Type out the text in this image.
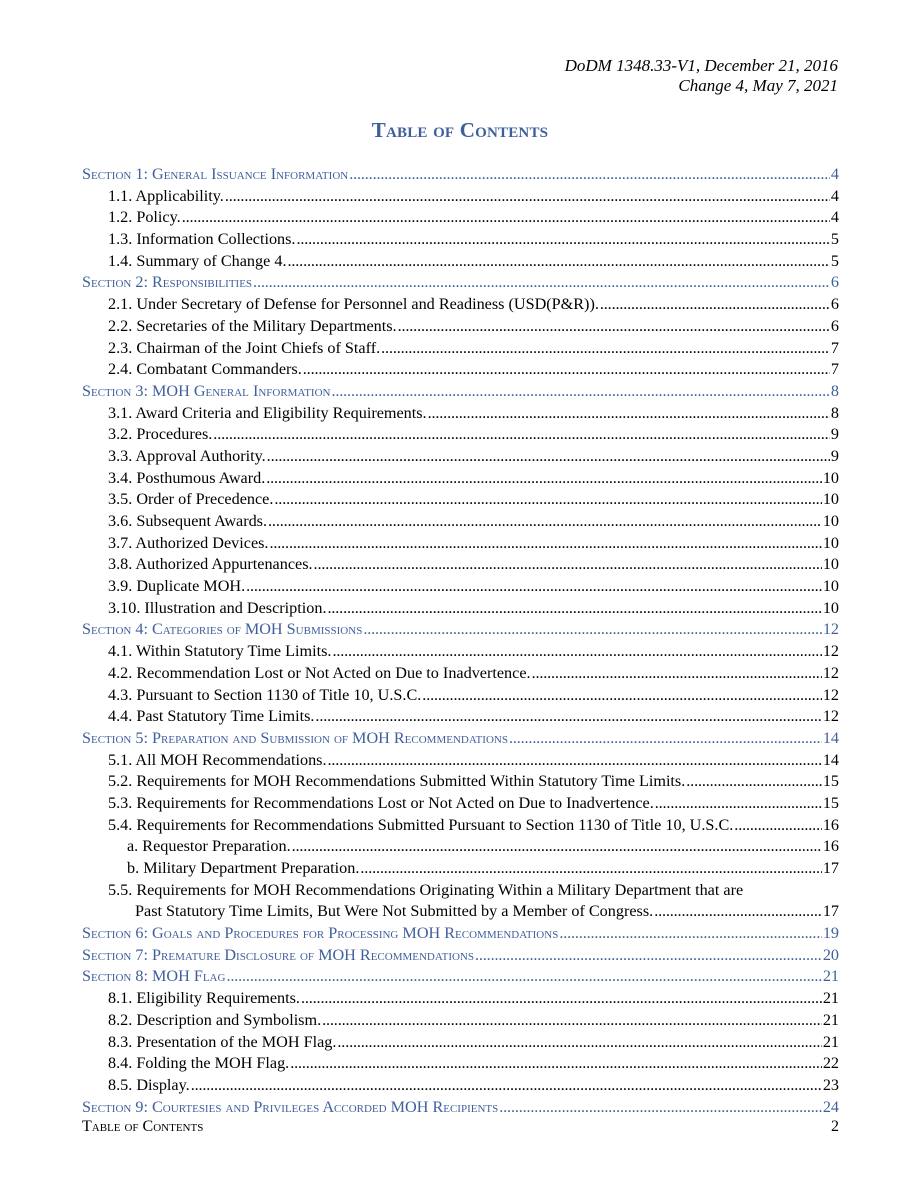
DoDM 1348.33-V1, December 21, 2016
Change 4, May 7, 2021
Table of Contents
Section 1: General Issuance Information . . .	4
1.1. Applicability. . . .	4
1.2. Policy. . . .	4
1.3. Information Collections. . . .	5
1.4. Summary of Change 4. . . .	5
Section 2: Responsibilities . . .	6
2.1. Under Secretary of Defense for Personnel and Readiness (USD(P&R)). . . .	6
2.2. Secretaries of the Military Departments. . . .	6
2.3. Chairman of the Joint Chiefs of Staff. . . .	7
2.4. Combatant Commanders. . . .	7
Section 3: MOH General Information . . .	8
3.1. Award Criteria and Eligibility Requirements. . . .	8
3.2. Procedures. . . .	9
3.3. Approval Authority. . . .	9
3.4. Posthumous Award. . . .	10
3.5. Order of Precedence. . . .	10
3.6. Subsequent Awards. . . .	10
3.7. Authorized Devices. . . .	10
3.8. Authorized Appurtenances. . . .	10
3.9. Duplicate MOH. . . .	10
3.10. Illustration and Description. . . .	10
Section 4: Categories of MOH Submissions . . .	12
4.1. Within Statutory Time Limits. . . .	12
4.2. Recommendation Lost or Not Acted on Due to Inadvertence. . . .	12
4.3. Pursuant to Section 1130 of Title 10, U.S.C. . . .	12
4.4. Past Statutory Time Limits. . . .	12
Section 5: Preparation and Submission of MOH Recommendations . . .	14
5.1. All MOH Recommendations. . . .	14
5.2. Requirements for MOH Recommendations Submitted Within Statutory Time Limits. . . .	15
5.3. Requirements for Recommendations Lost or Not Acted on Due to Inadvertence. . . .	15
5.4. Requirements for Recommendations Submitted Pursuant to Section 1130 of Title 10, U.S.C. . . .	16
a. Requestor Preparation. . . .	16
b. Military Department Preparation. . . .	17
5.5. Requirements for MOH Recommendations Originating Within a Military Department that are
Past Statutory Time Limits, But Were Not Submitted by a Member of Congress. . . .	17
Section 6: Goals and Procedures for Processing MOH Recommendations . . .	19
Section 7: Premature Disclosure of MOH Recommendations . . .	20
Section 8: MOH Flag . . .	21
8.1. Eligibility Requirements. . . .	21
8.2. Description and Symbolism. . . .	21
8.3. Presentation of the MOH Flag. . . .	21
8.4. Folding the MOH Flag. . . .	22
8.5. Display. . . .	23
Section 9: Courtesies and Privileges Accorded MOH Recipients . . .	24
Table of Contents	2
